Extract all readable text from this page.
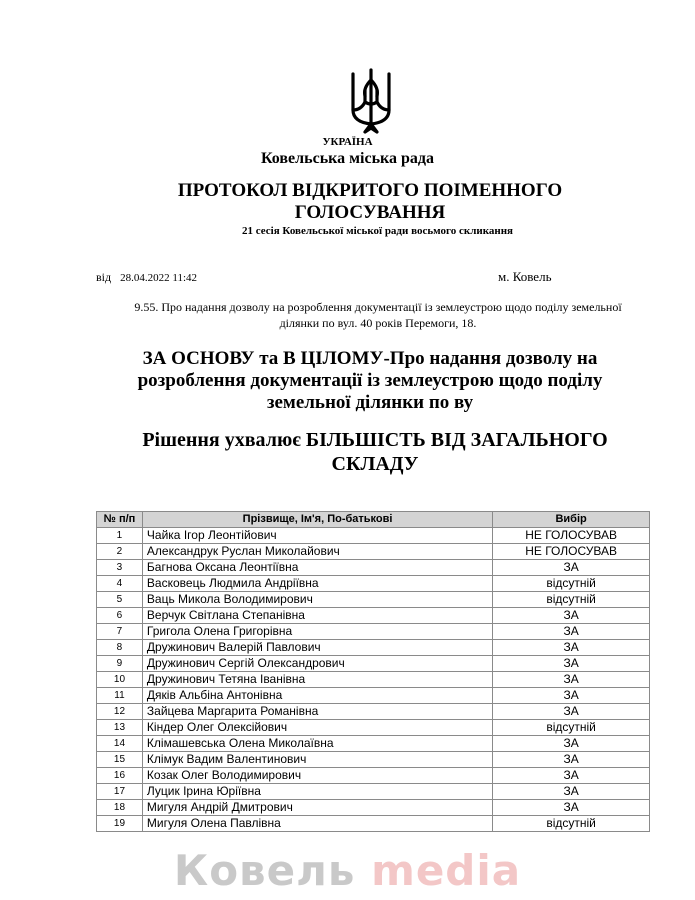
УКРАЇНА
Ковельська міська рада
ПРОТОКОЛ ВІДКРИТОГО ПОІМЕННОГО ГОЛОСУВАННЯ
21 сесія Ковельської міської ради восьмого скликання
від 28.04.2022 11:42	м. Ковель
9.55. Про надання дозволу на розроблення документації із землеустрою щодо поділу земельної ділянки по вул. 40 років Перемоги, 18.
ЗА ОСНОВУ та В ЦІЛОМУ-Про надання дозволу на розроблення документації із землеустрою щодо поділу земельної ділянки по ву
Рішення ухвалює БІЛЬШІСТЬ ВІД ЗАГАЛЬНОГО СКЛАДУ
№ п/п	Прізвище, Ім'я, По-батькові	Вибір
1	Чайка Ігор Леонтійович	НЕ ГОЛОСУВАВ
2	Александрук Руслан Миколайович	НЕ ГОЛОСУВАВ
3	Багнова Оксана Леонтіївна	ЗА
4	Васковець Людмила Андріївна	відсутній
5	Ваць Микола Володимирович	відсутній
6	Верчук Світлана Степанівна	ЗА
7	Григола Олена Григорівна	ЗА
8	Дружинович Валерій Павлович	ЗА
9	Дружинович Сергій Олександрович	ЗА
10	Дружинович Тетяна Іванівна	ЗА
11	Дяків Альбіна Антонівна	ЗА
12	Зайцева Маргарита Романівна	ЗА
13	Кіндер Олег Олексійович	відсутній
14	Клімашевська Олена Миколаївна	ЗА
15	Клімук Вадим Валентинович	ЗА
16	Козак Олег Володимирович	ЗА
17	Луцик Ірина Юріївна	ЗА
18	Мигуля Андрій Дмитрович	ЗА
19	Мигуля Олена Павлівна	відсутній
Ковель media
